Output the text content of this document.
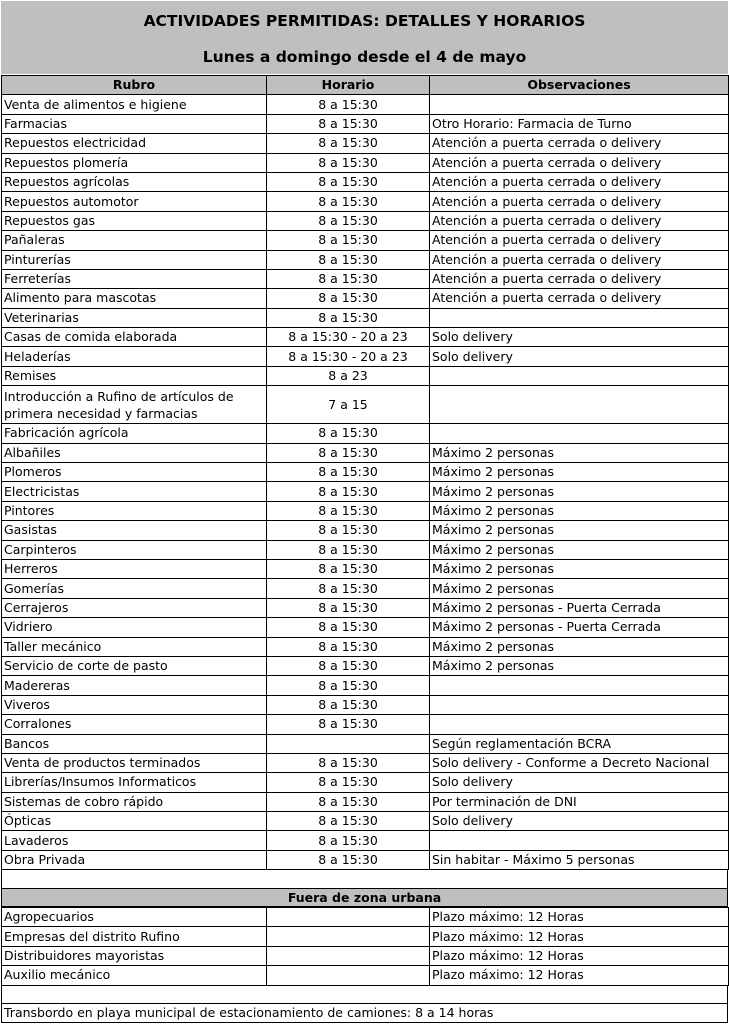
ACTIVIDADES PERMITIDAS: DETALLES Y HORARIOS
Lunes a domingo desde el 4 de mayo
Rubro	Horario	Observaciones
Venta de alimentos e higiene	8 a 15:30	
Farmacias	8 a 15:30	Otro Horario: Farmacia de Turno
Repuestos electricidad	8 a 15:30	Atención a puerta cerrada o delivery
Repuestos plomería	8 a 15:30	Atención a puerta cerrada o delivery
Repuestos agrícolas	8 a 15:30	Atención a puerta cerrada o delivery
Repuestos automotor	8 a 15:30	Atención a puerta cerrada o delivery
Repuestos gas	8 a 15:30	Atención a puerta cerrada o delivery
Pañaleras	8 a 15:30	Atención a puerta cerrada o delivery
Pinturerías	8 a 15:30	Atención a puerta cerrada o delivery
Ferreterías	8 a 15:30	Atención a puerta cerrada o delivery
Alimento para mascotas	8 a 15:30	Atención a puerta cerrada o delivery
Veterinarias	8 a 15:30	
Casas de comida elaborada	8 a 15:30 - 20 a 23	Solo delivery
Heladerías	8 a 15:30 - 20 a 23	Solo delivery
Remises	8 a 23	
Introducción a Rufino de artículos de primera necesidad y farmacias	7 a 15	
Fabricación agrícola	8 a 15:30	
Albañiles	8 a 15:30	Máximo 2 personas
Plomeros	8 a 15:30	Máximo 2 personas
Electricistas	8 a 15:30	Máximo 2 personas
Pintores	8 a 15:30	Máximo 2 personas
Gasistas	8 a 15:30	Máximo 2 personas
Carpinteros	8 a 15:30	Máximo 2 personas
Herreros	8 a 15:30	Máximo 2 personas
Gomerías	8 a 15:30	Máximo 2 personas
Cerrajeros	8 a 15:30	Máximo 2 personas - Puerta Cerrada
Vidriero	8 a 15:30	Máximo 2 personas - Puerta Cerrada
Taller mecánico	8 a 15:30	Máximo 2 personas
Servicio de corte de pasto	8 a 15:30	Máximo 2 personas
Madereras	8 a 15:30	
Viveros	8 a 15:30	
Corralones	8 a 15:30	
Bancos		Según reglamentación BCRA
Venta de productos terminados	8 a 15:30	Solo delivery - Conforme a Decreto Nacional
Librerías/Insumos Informaticos	8 a 15:30	Solo delivery
Sistemas de cobro rápido	8 a 15:30	Por terminación de DNI
Ópticas	8 a 15:30	Solo delivery
Lavaderos	8 a 15:30	
Obra Privada	8 a 15:30	Sin habitar - Máximo 5 personas
Fuera de zona urbana
Agropecuarios		Plazo máximo: 12 Horas
Empresas del distrito Rufino		Plazo máximo: 12 Horas
Distribuidores mayoristas		Plazo máximo: 12 Horas
Auxilio mecánico		Plazo máximo: 12 Horas
Transbordo en playa municipal de estacionamiento de camiones: 8 a 14 horas
